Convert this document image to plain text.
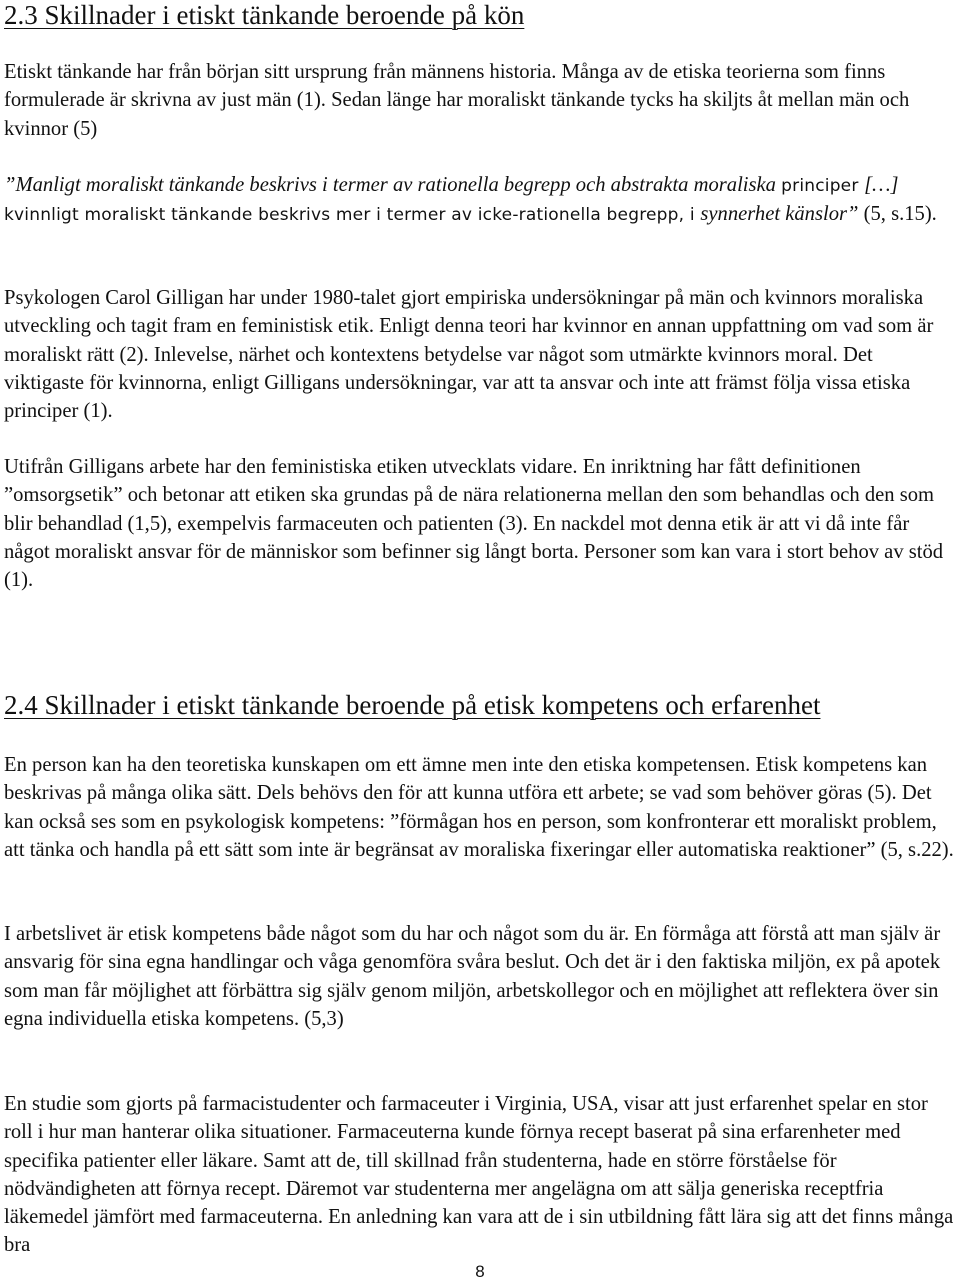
2.3 Skillnader i etiskt tänkande beroende på kön

Etiskt tänkande har från början sitt ursprung från männens historia. Många av de etiska teorierna som finns formulerade är skrivna av just män (1). Sedan länge har moraliskt tänkande tycks ha skiljts åt mellan män och kvinnor (5)

”Manligt moraliskt tänkande beskrivs i termer av rationella begrepp och abstrakta moraliska principer […] kvinnligt moraliskt tänkande beskrivs mer i termer av icke-rationella begrepp, i synnerhet känslor” (5, s.15).

Psykologen Carol Gilligan har under 1980-talet gjort empiriska undersökningar på män och kvinnors moraliska utveckling och tagit fram en feministisk etik. Enligt denna teori har kvinnor en annan uppfattning om vad som är moraliskt rätt (2). Inlevelse, närhet och kontextens betydelse var något som utmärkte kvinnors moral. Det viktigaste för kvinnorna, enligt Gilligans undersökningar, var att ta ansvar och inte att främst följa vissa etiska principer (1).

Utifrån Gilligans arbete har den feministiska etiken utvecklats vidare. En inriktning har fått definitionen ”omsorgsetik” och betonar att etiken ska grundas på de nära relationerna mellan den som behandlas och den som blir behandlad (1,5), exempelvis farmaceuten och patienten (3). En nackdel mot denna etik är att vi då inte får något moraliskt ansvar för de människor som befinner sig långt borta. Personer som kan vara i stort behov av stöd (1).

2.4 Skillnader i etiskt tänkande beroende på etisk kompetens och erfarenhet

En person kan ha den teoretiska kunskapen om ett ämne men inte den etiska kompetensen. Etisk kompetens kan beskrivas på många olika sätt. Dels behövs den för att kunna utföra ett arbete; se vad som behöver göras (5). Det kan också ses som en psykologisk kompetens: ”förmågan hos en person, som konfronterar ett moraliskt problem, att tänka och handla på ett sätt som inte är begränsat av moraliska fixeringar eller automatiska reaktioner” (5, s.22).

I arbetslivet är etisk kompetens både något som du har och något som du är. En förmåga att förstå att man själv är ansvarig för sina egna handlingar och våga genomföra svåra beslut. Och det är i den faktiska miljön, ex på apotek som man får möjlighet att förbättra sig själv genom miljön, arbetskollegor och en möjlighet att reflektera över sin egna individuella etiska kompetens. (5,3)

En studie som gjorts på farmacistudenter och farmaceuter i Virginia, USA, visar att just erfarenhet spelar en stor roll i hur man hanterar olika situationer. Farmaceuterna kunde förnya recept baserat på sina erfarenheter med specifika patienter eller läkare. Samt att de, till skillnad från studenterna, hade en större förståelse för nödvändigheten att förnya recept. Däremot var studenterna mer angelägna om att sälja generiska receptfria läkemedel jämfört med farmaceuterna. En anledning kan vara att de i sin utbildning fått lära sig att det finns många bra

8
